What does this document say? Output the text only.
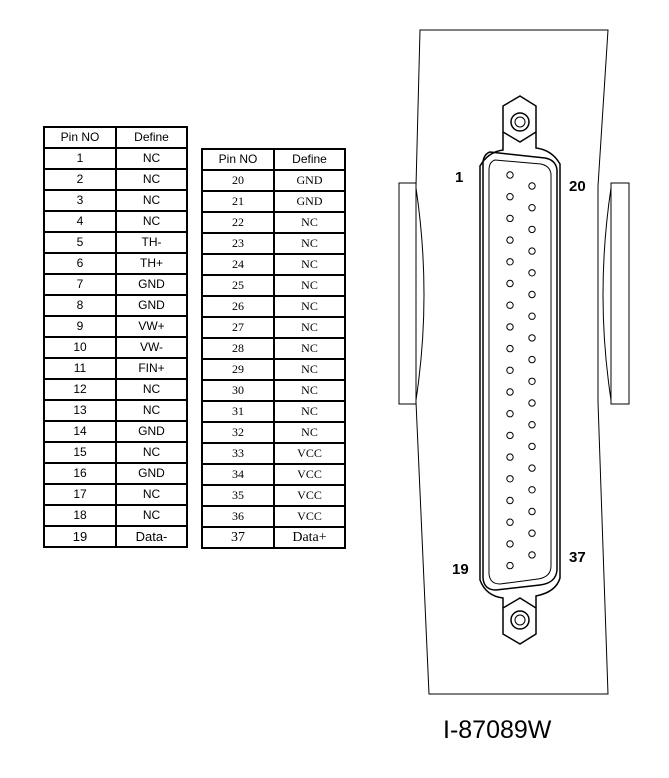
Pin NO	Define
1	NC
2	NC
3	NC
4	NC
5	TH-
6	TH+
7	GND
8	GND
9	VW+
10	VW-
11	FIN+
12	NC
13	NC
14	GND
15	NC
16	GND
17	NC
18	NC
19	Data-
Pin NO	Define
20	GND
21	GND
22	NC
23	NC
24	NC
25	NC
26	NC
27	NC
28	NC
29	NC
30	NC
31	NC
32	NC
33	VCC
34	VCC
35	VCC
36	VCC
37	Data+
1
20
19
37
I-87089W
